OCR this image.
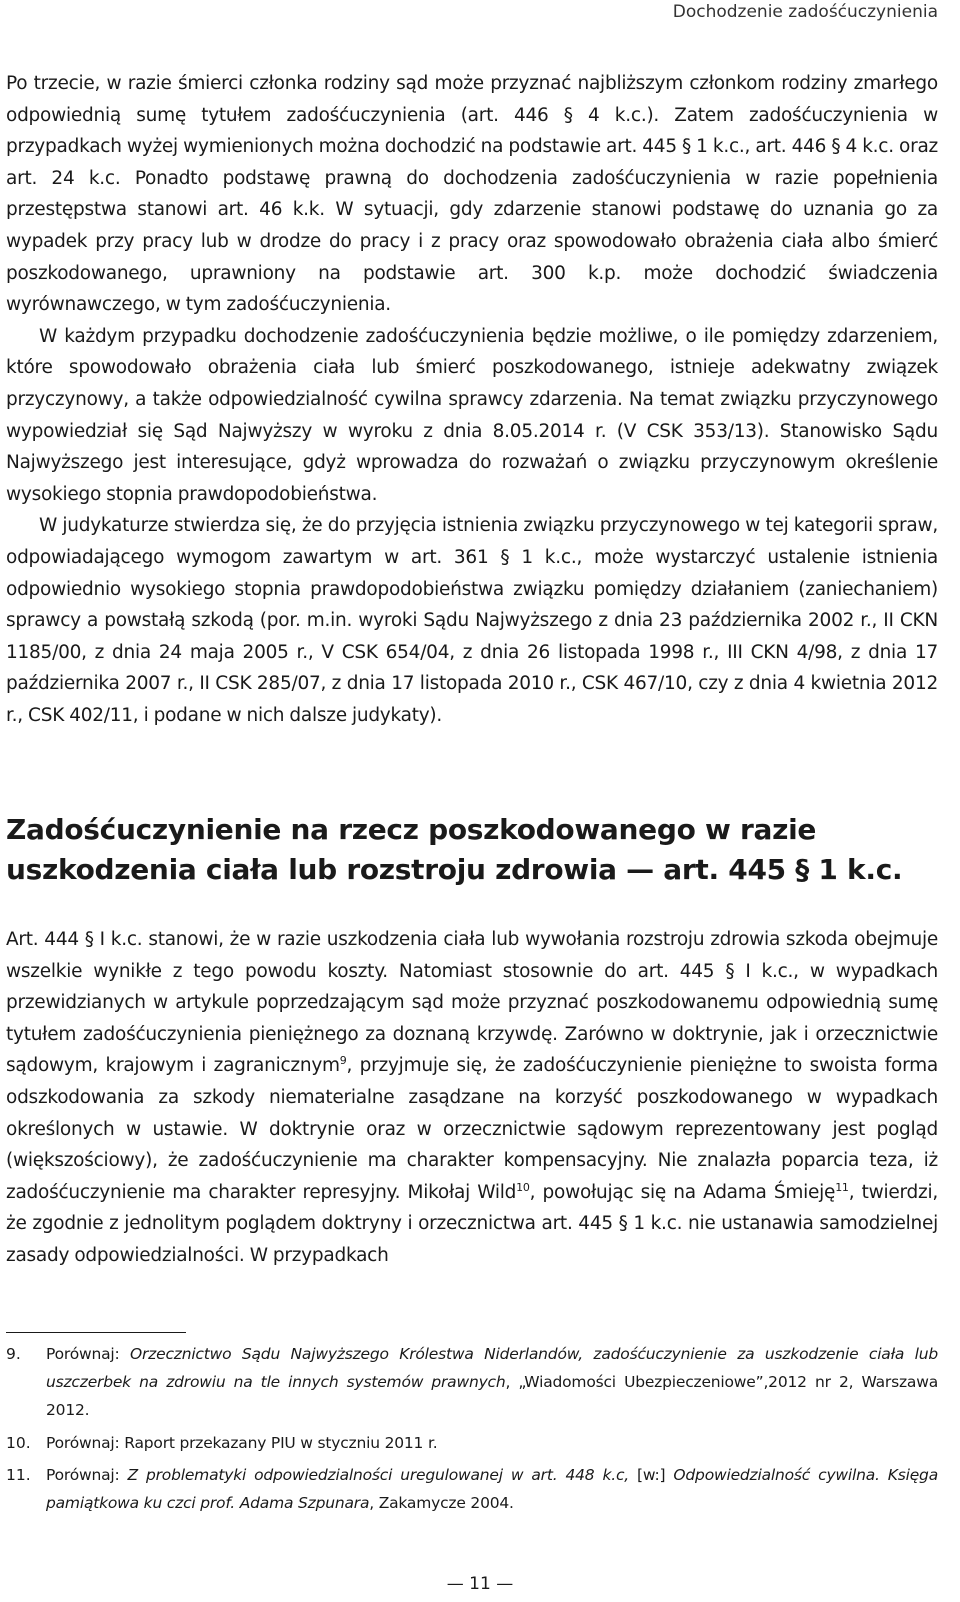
Dochodzenie zadośćuczynienia

Po trzecie, w razie śmierci członka rodziny sąd może przyznać najbliższym członkom rodziny zmarłego odpowiednią sumę tytułem zadośćuczynienia (art. 446 § 4 k.c.). Zatem zadośćuczynienia w przypadkach wyżej wymienionych można dochodzić na podstawie art. 445 § 1 k.c., art. 446 § 4 k.c. oraz art. 24 k.c. Ponadto podstawę prawną do dochodzenia zadośćuczynienia w razie popełnienia przestępstwa stanowi art. 46 k.k. W sytuacji, gdy zdarzenie stanowi podstawę do uznania go za wypadek przy pracy lub w drodze do pracy i z pracy oraz spowodowało obrażenia ciała albo śmierć poszkodowanego, uprawniony na podstawie art. 300 k.p. może dochodzić świadczenia wyrównawczego, w tym zadośćuczynienia.

W każdym przypadku dochodzenie zadośćuczynienia będzie możliwe, o ile pomiędzy zdarzeniem, które spowodowało obrażenia ciała lub śmierć poszkodowanego, istnieje adekwatny związek przyczynowy, a także odpowiedzialność cywilna sprawcy zdarzenia. Na temat związku przyczynowego wypowiedział się Sąd Najwyższy w wyroku z dnia 8.05.2014 r. (V CSK 353/13). Stanowisko Sądu Najwyższego jest interesujące, gdyż wprowadza do rozważań o związku przyczynowym określenie wysokiego stopnia prawdopodobieństwa.

W judykaturze stwierdza się, że do przyjęcia istnienia związku przyczynowego w tej kategorii spraw, odpowiadającego wymogom zawartym w art. 361 § 1 k.c., może wystarczyć ustalenie istnienia odpowiednio wysokiego stopnia prawdopodobieństwa związku pomiędzy działaniem (zaniechaniem) sprawcy a powstałą szkodą (por. m.in. wyroki Sądu Najwyższego z dnia 23 października 2002 r., II CKN 1185/00, z dnia 24 maja 2005 r., V CSK 654/04, z dnia 26 listopada 1998 r., III CKN 4/98, z dnia 17 października 2007 r., II CSK 285/07, z dnia 17 listopada 2010 r., CSK 467/10, czy z dnia 4 kwietnia 2012 r., CSK 402/11, i podane w nich dalsze judykaty).

Zadośćuczynienie na rzecz poszkodowanego w razie uszkodzenia ciała lub rozstroju zdrowia — art. 445 § 1 k.c.

Art. 444 § I k.c. stanowi, że w razie uszkodzenia ciała lub wywołania rozstroju zdrowia szkoda obejmuje wszelkie wynikłe z tego powodu koszty. Natomiast stosownie do art. 445 § I k.c., w wypadkach przewidzianych w artykule poprzedzającym sąd może przyznać poszkodowanemu odpowiednią sumę tytułem zadośćuczynienia pieniężnego za doznaną krzywdę. Zarówno w doktrynie, jak i orzecznictwie sądowym, krajowym i zagranicznym$^9$, przyjmuje się, że zadośćuczynienie pieniężne to swoista forma odszkodowania za szkody niematerialne zasądzane na korzyść poszkodowanego w wypadkach określonych w ustawie. W doktrynie oraz w orzecznictwie sądowym reprezentowany jest pogląd (większościowy), że zadośćuczynienie ma charakter kompensacyjny. Nie znalazła poparcia teza, iż zadośćuczynienie ma charakter represyjny. Mikołaj Wild$^{10}$, powołując się na Adama Śmieję$^{11}$, twierdzi, że zgodnie z jednolitym poglądem doktryny i orzecznictwa art. 445 § 1 k.c. nie ustanawia samodzielnej zasady odpowiedzialności. W przypadkach

9.	Porównaj: Orzecznictwo Sądu Najwyższego Królestwa Niderlandów, zadośćuczynienie za uszkodzenie ciała lub uszczerbek na zdrowiu na tle innych systemów prawnych, „Wiadomości Ubezpieczeniowe”,2012 nr 2, Warszawa 2012.
10. Porównaj: Raport przekazany PIU w styczniu 2011 r.
11. Porównaj: Z problematyki odpowiedzialności uregulowanej w art. 448 k.c, [w:] Odpowiedzialność cywilna. Księga pamiątkowa ku czci prof. Adama Szpunara, Zakamycze 2004.
— 11 —
